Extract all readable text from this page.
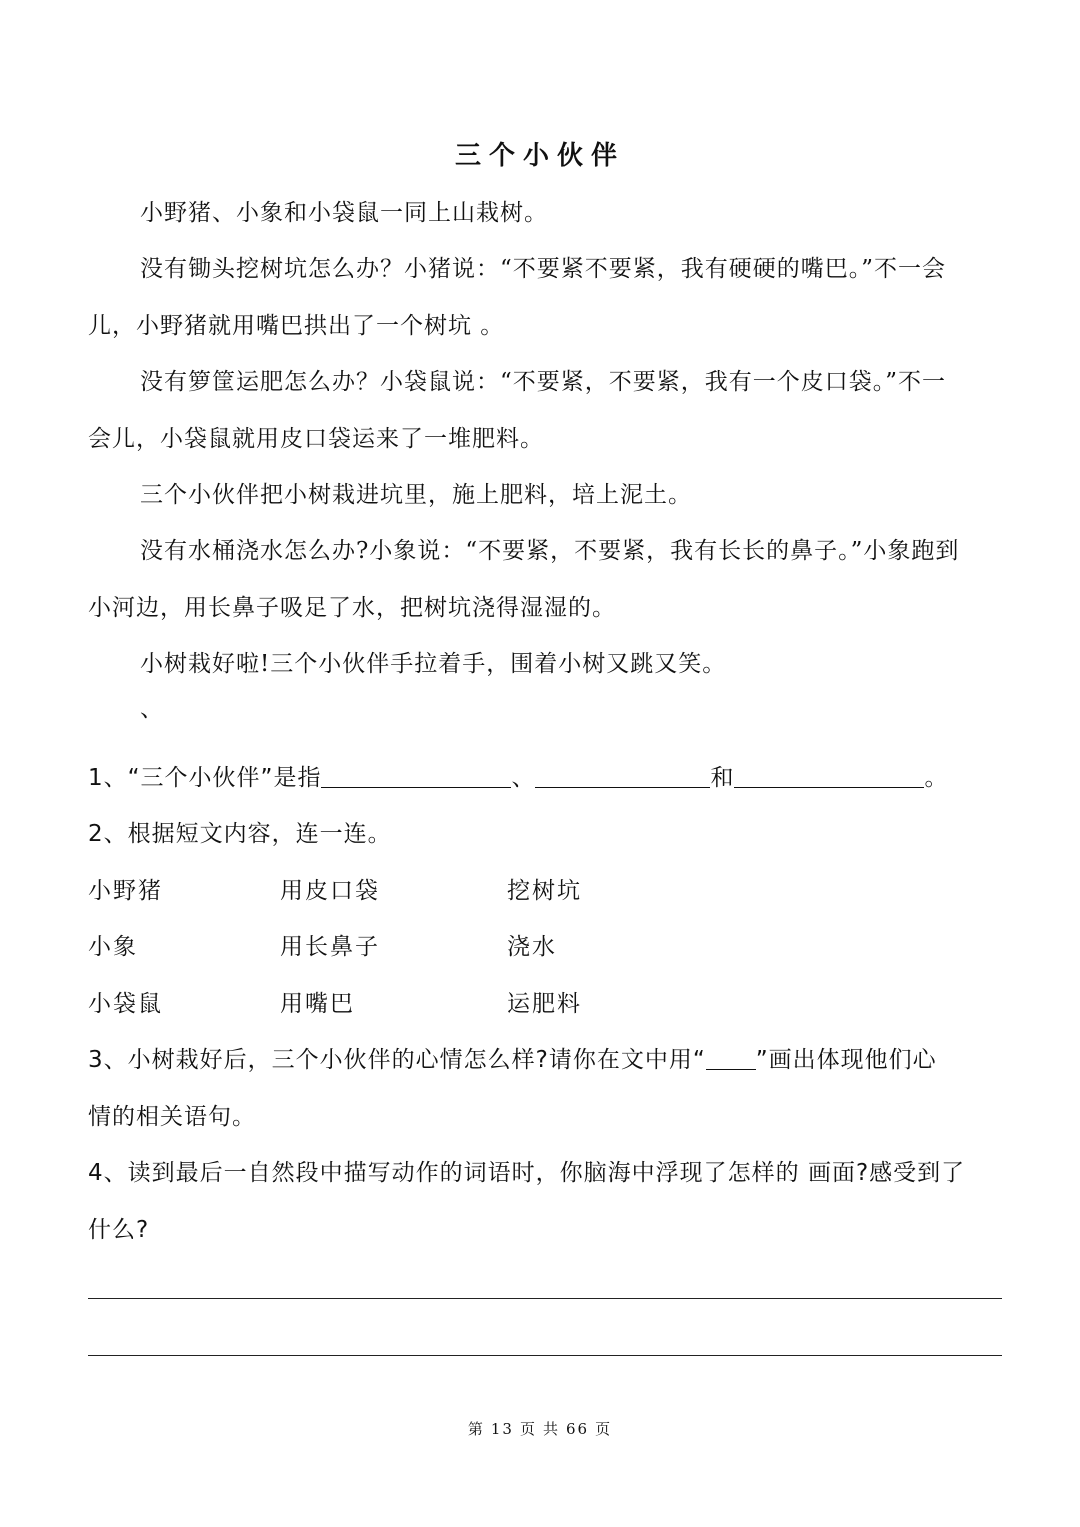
三个小伙伴
小野猪、小象和小袋鼠一同上山栽树。
没有锄头挖树坑怎么办？小猪说：“不要紧不要紧，我有硬硬的嘴巴。”不一会
儿，小野猪就用嘴巴拱出了一个树坑 。
没有箩筐运肥怎么办？小袋鼠说：“不要紧，不要紧，我有一个皮口袋。”不一
会儿，小袋鼠就用皮口袋运来了一堆肥料。
三个小伙伴把小树栽进坑里，施上肥料，培上泥土。
没有水桶浇水怎么办?小象说：“不要紧，不要紧，我有长长的鼻子。”小象跑到
小河边，用长鼻子吸足了水，把树坑浇得湿湿的。
小树栽好啦!三个小伙伴手拉着手，围着小树又跳又笑。
、
1、“三个小伙伴”是指	、	和	。
2、根据短文内容，连一连。
小野猪	用皮口袋	挖树坑
小象	用长鼻子	浇水
小袋鼠	用嘴巴	运肥料
3、小树栽好后，三个小伙伴的心情怎么样?请你在文中用“ ”画出体现他们心
情的相关语句。
4、读到最后一自然段中描写动作的词语时，你脑海中浮现了怎样的 画面?感受到了
什么?
第 13 页 共 66 页
